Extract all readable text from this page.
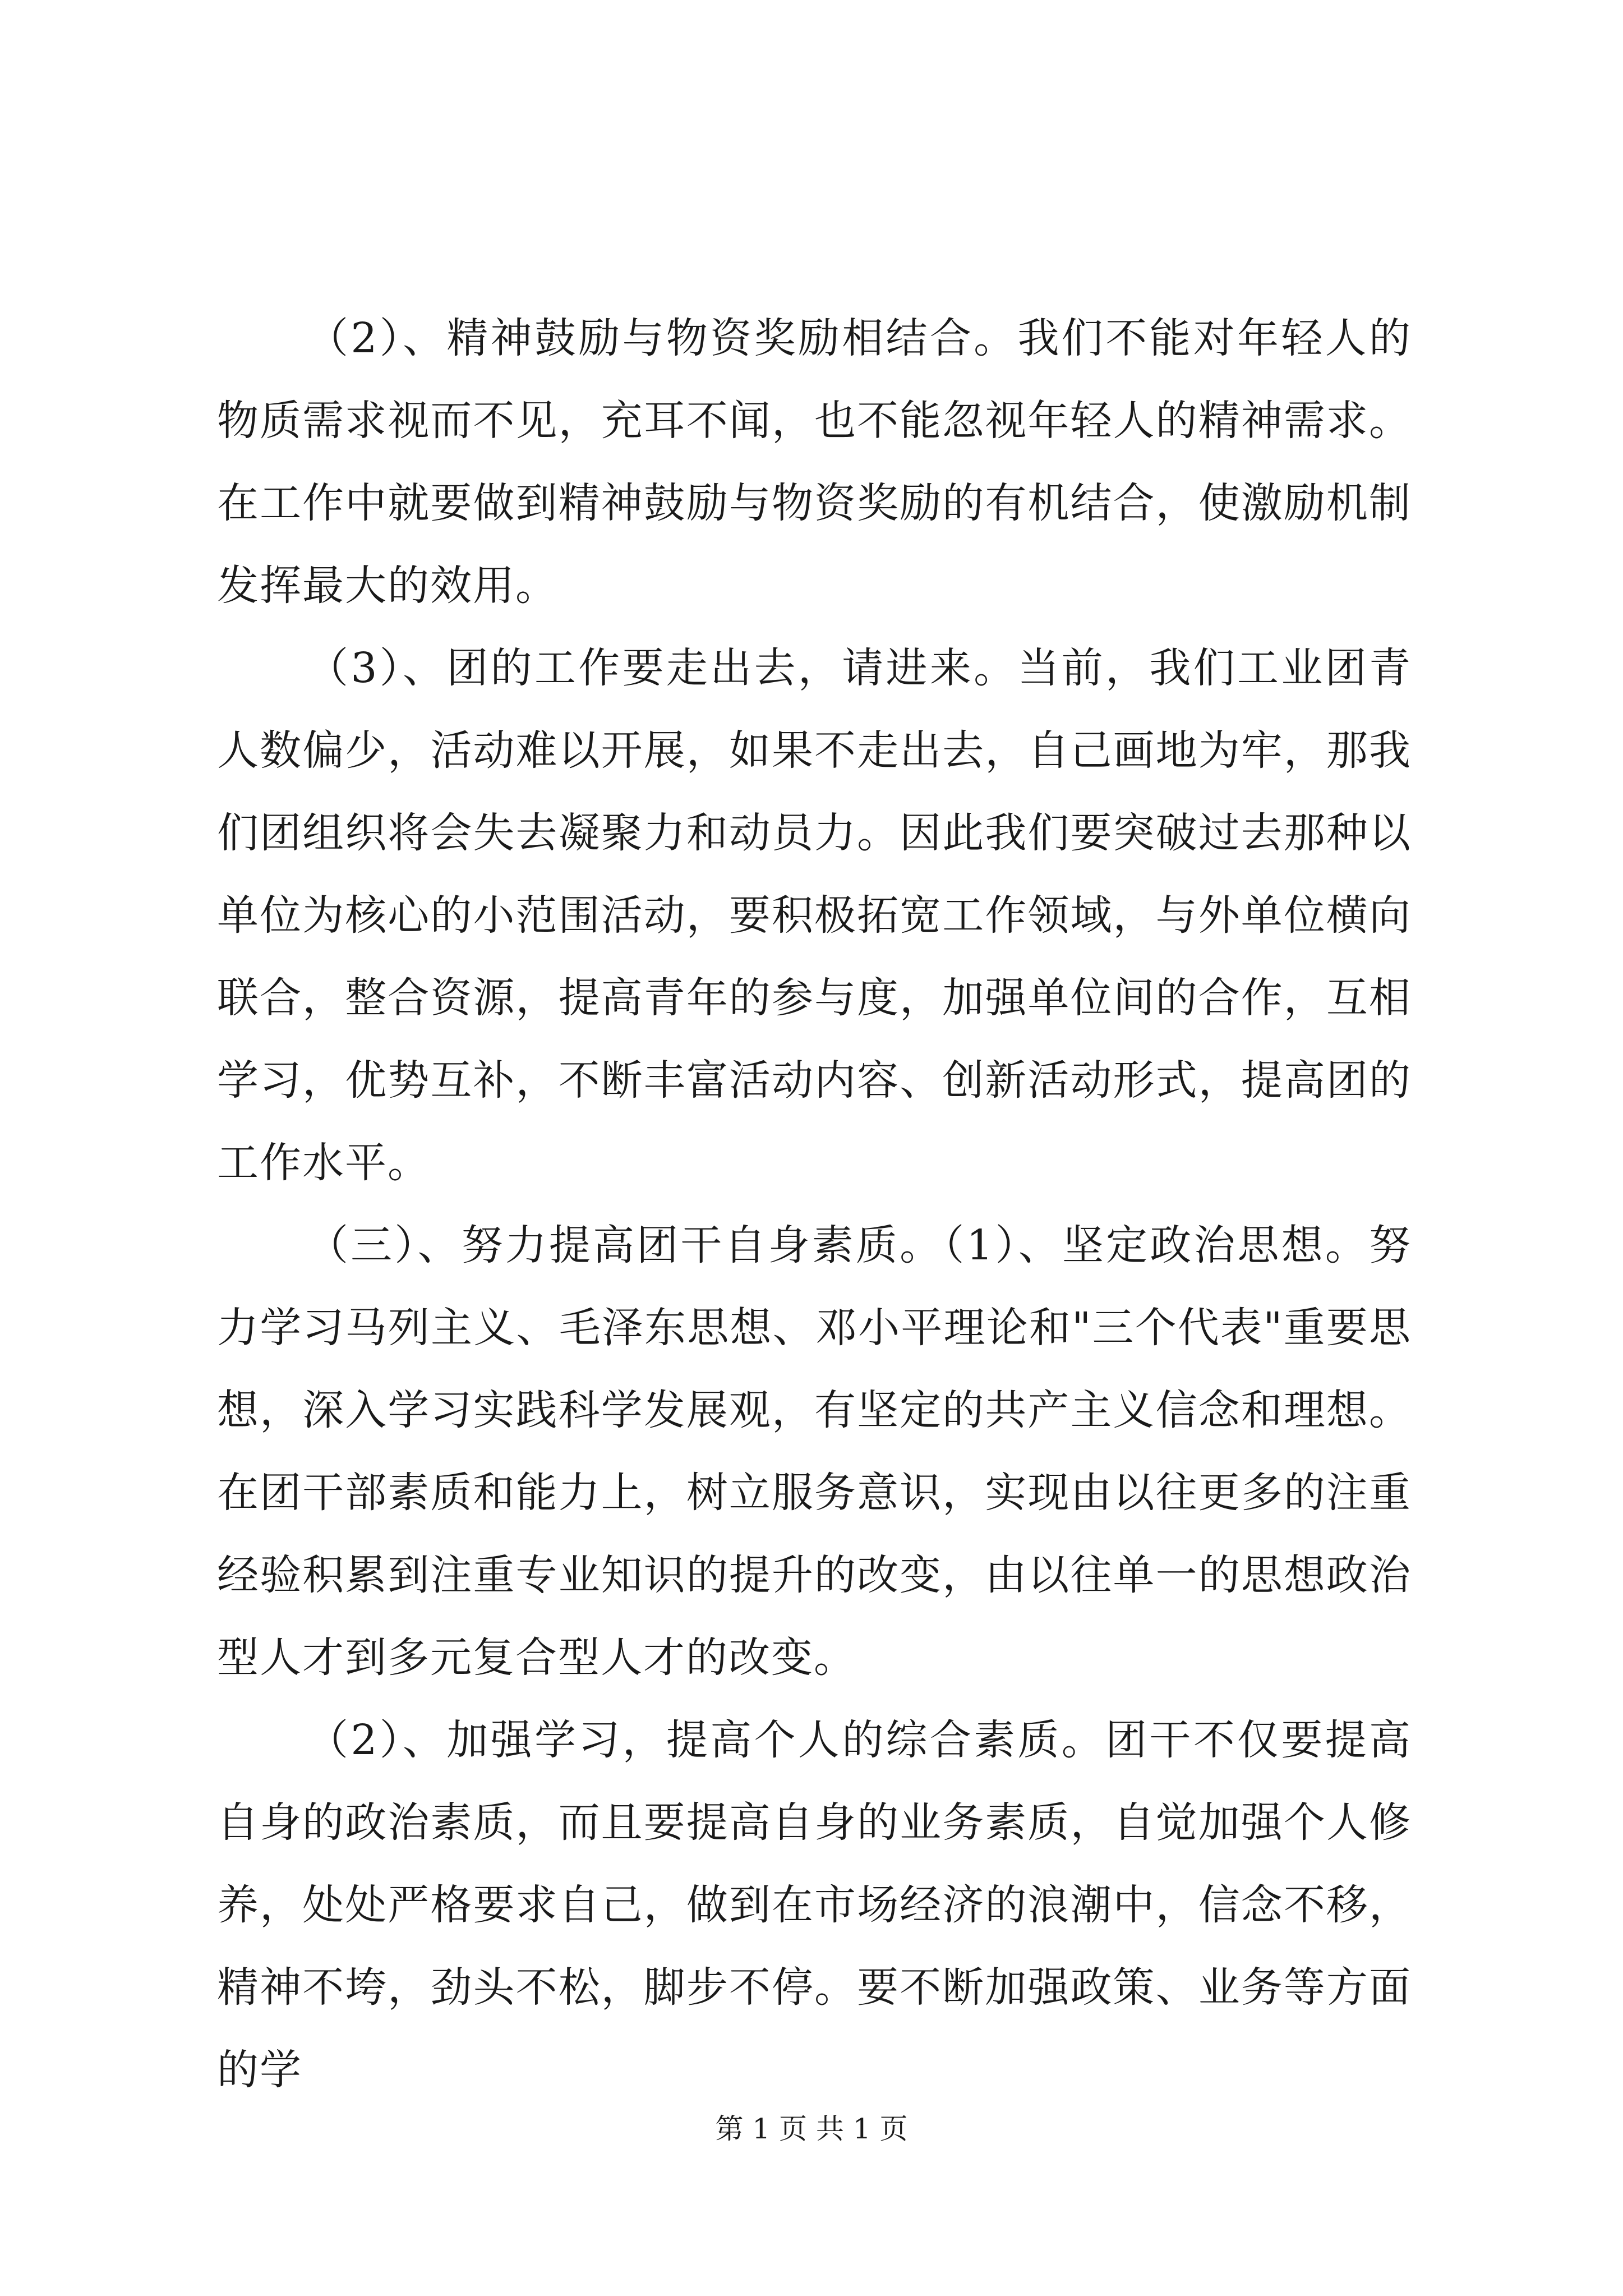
（2）、精神鼓励与物资奖励相结合。我们不能对年轻人的物质需求视而不见，充耳不闻，也不能忽视年轻人的精神需求。在工作中就要做到精神鼓励与物资奖励的有机结合，使激励机制发挥最大的效用。

（3）、团的工作要走出去，请进来。当前，我们工业团青人数偏少，活动难以开展，如果不走出去，自己画地为牢，那我们团组织将会失去凝聚力和动员力。因此我们要突破过去那种以单位为核心的小范围活动，要积极拓宽工作领域，与外单位横向联合，整合资源，提高青年的参与度，加强单位间的合作，互相学习，优势互补，不断丰富活动内容、创新活动形式，提高团的工作水平。

（三）、努力提高团干自身素质。（1）、坚定政治思想。努力学习马列主义、毛泽东思想、邓小平理论和"三个代表"重要思想，深入学习实践科学发展观，有坚定的共产主义信念和理想。在团干部素质和能力上，树立服务意识，实现由以往更多的注重经验积累到注重专业知识的提升的改变，由以往单一的思想政治型人才到多元复合型人才的改变。

（2）、加强学习，提高个人的综合素质。团干不仅要提高自身的政治素质，而且要提高自身的业务素质，自觉加强个人修养，处处严格要求自己，做到在市场经济的浪潮中，信念不移，精神不垮，劲头不松，脚步不停。要不断加强政策、业务等方面的学

第 1 页 共 1 页
